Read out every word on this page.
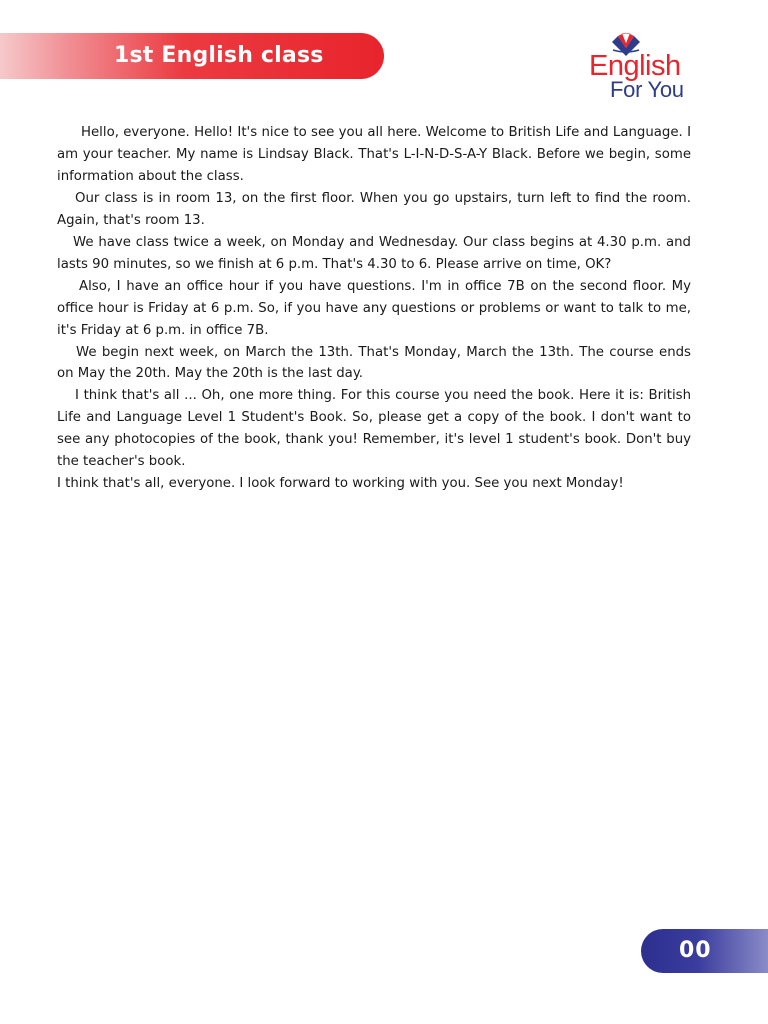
1st English class	English
For You

Hello, everyone. Hello! It's nice to see you all here. Welcome to British Life and Language. I am your teacher. My name is Lindsay Black. That's L-I-N-D-S-A-Y Black. Before we begin, some information about the class.

Our class is in room 13, on the first floor. When you go upstairs, turn left to find the room. Again, that's room 13.

We have class twice a week, on Monday and Wednesday. Our class begins at 4.30 p.m. and lasts 90 minutes, so we finish at 6 p.m. That's 4.30 to 6. Please arrive on time, OK?

Also, I have an office hour if you have questions. I'm in office 7B on the second floor. My office hour is Friday at 6 p.m. So, if you have any questions or problems or want to talk to me, it's Friday at 6 p.m. in office 7B.

We begin next week, on March the 13th. That's Monday, March the 13th. The course ends on May the 20th. May the 20th is the last day.

I think that's all ... Oh, one more thing. For this course you need the book. Here it is: British Life and Language Level 1 Student's Book. So, please get a copy of the book. I don't want to see any photocopies of the book, thank you! Remember, it's level 1 student's book. Don't buy the teacher's book.

I think that's all, everyone. I look forward to working with you. See you next Monday!

00
